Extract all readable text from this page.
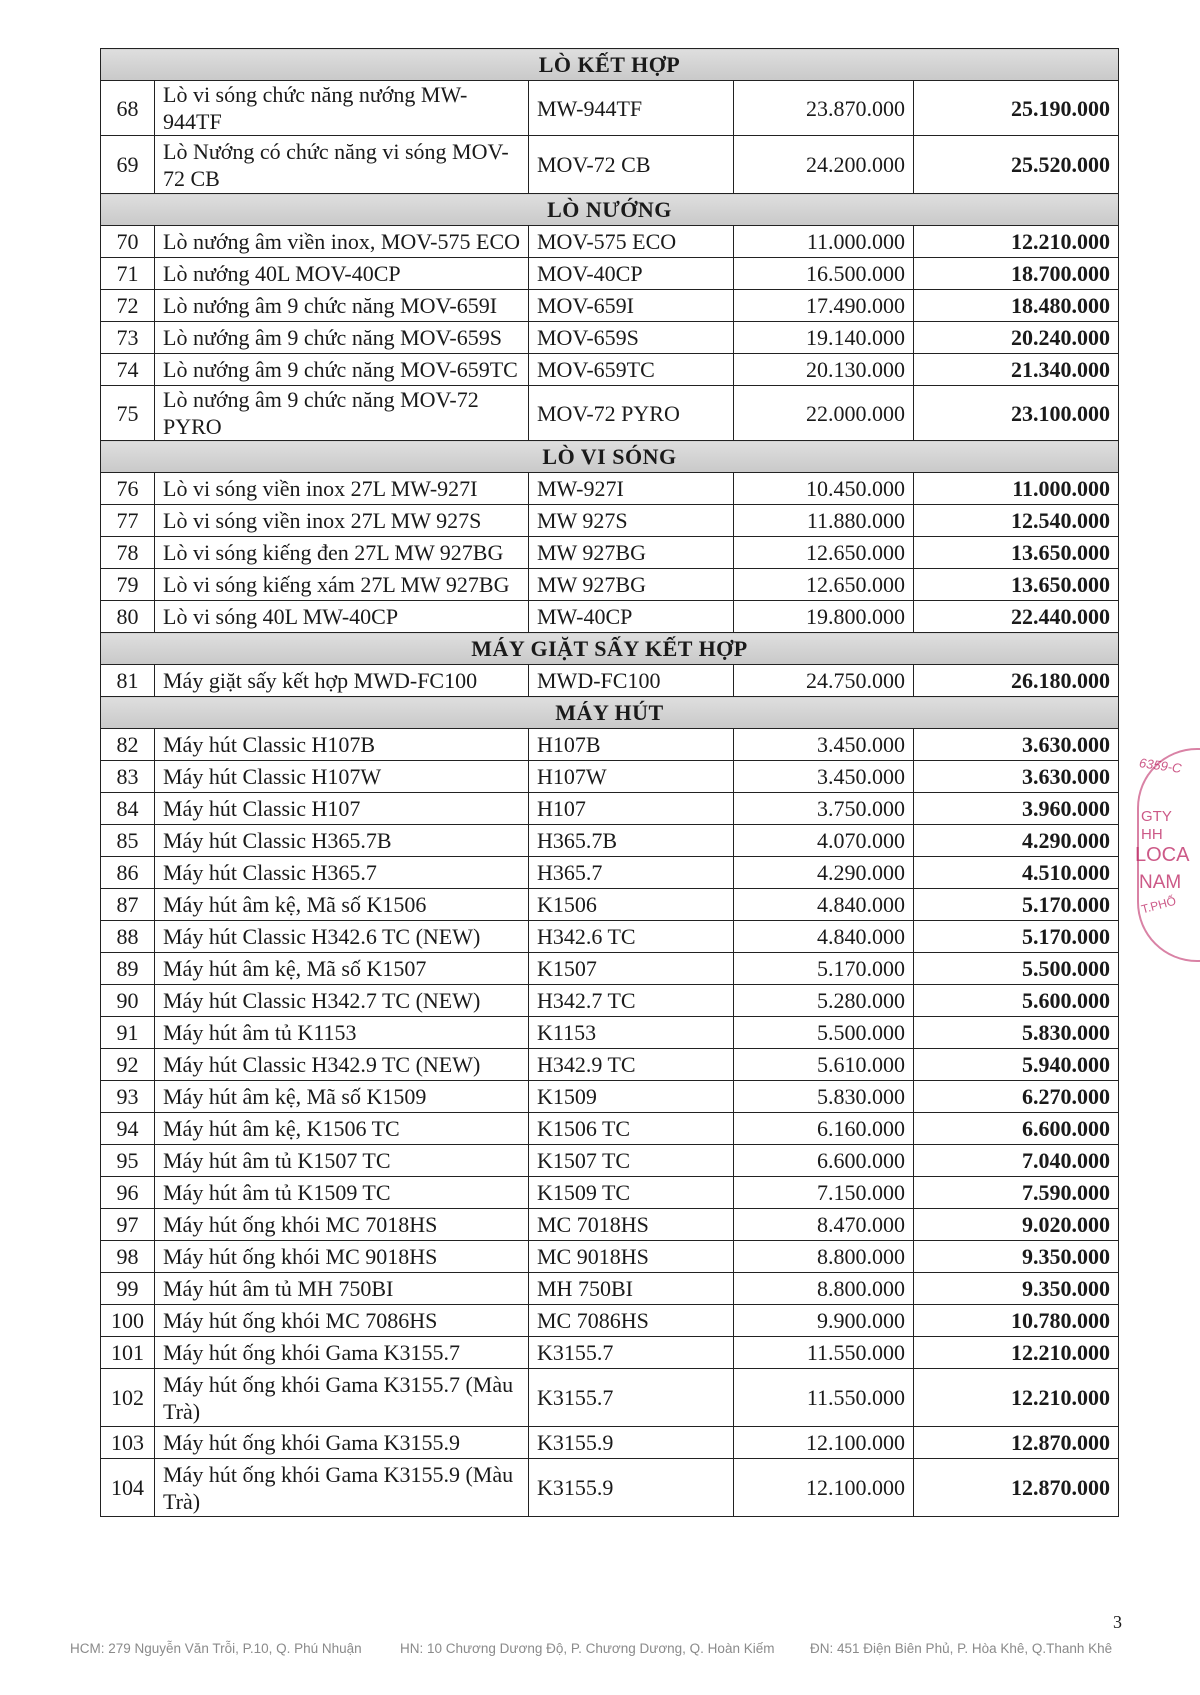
LÒ KẾT HỢP				
68	Lò vi sóng chức năng nướng MW-944TF	MW-944TF	23.870.000	25.190.000
69	Lò Nướng có chức năng vi sóng MOV-72 CB	MOV-72 CB	24.200.000	25.520.000
LÒ NƯỚNG				
70	Lò nướng âm viền inox, MOV-575 ECO	MOV-575 ECO	11.000.000	12.210.000
71	Lò nướng 40L MOV-40CP	MOV-40CP	16.500.000	18.700.000
72	Lò nướng âm 9 chức năng MOV-659I	MOV-659I	17.490.000	18.480.000
73	Lò nướng âm 9 chức năng MOV-659S	MOV-659S	19.140.000	20.240.000
74	Lò nướng âm 9 chức năng MOV-659TC	MOV-659TC	20.130.000	21.340.000
75	Lò nướng âm 9 chức năng MOV-72 PYRO	MOV-72 PYRO	22.000.000	23.100.000
LÒ VI SÓNG				
76	Lò vi sóng viền inox 27L MW-927I	MW-927I	10.450.000	11.000.000
77	Lò vi sóng viền inox 27L MW 927S	MW 927S	11.880.000	12.540.000
78	Lò vi sóng kiếng đen 27L MW 927BG	MW 927BG	12.650.000	13.650.000
79	Lò vi sóng kiếng xám 27L MW 927BG	MW 927BG	12.650.000	13.650.000
80	Lò vi sóng 40L MW-40CP	MW-40CP	19.800.000	22.440.000
MÁY GIẶT SẤY KẾT HỢP				
81	Máy giặt sấy kết hợp MWD-FC100	MWD-FC100	24.750.000	26.180.000
MÁY HÚT				
82	Máy hút Classic H107B	H107B	3.450.000	3.630.000
83	Máy hút Classic H107W	H107W	3.450.000	3.630.000
84	Máy hút Classic H107	H107	3.750.000	3.960.000
85	Máy hút Classic H365.7B	H365.7B	4.070.000	4.290.000
86	Máy hút Classic H365.7	H365.7	4.290.000	4.510.000
87	Máy hút âm kệ, Mã số K1506	K1506	4.840.000	5.170.000
88	Máy hút Classic H342.6 TC (NEW)	H342.6 TC	4.840.000	5.170.000
89	Máy hút âm kệ, Mã số K1507	K1507	5.170.000	5.500.000
90	Máy hút Classic H342.7 TC (NEW)	H342.7 TC	5.280.000	5.600.000
91	Máy hút âm tủ K1153	K1153	5.500.000	5.830.000
92	Máy hút Classic H342.9 TC (NEW)	H342.9 TC	5.610.000	5.940.000
93	Máy hút âm kệ, Mã số K1509	K1509	5.830.000	6.270.000
94	Máy hút âm kệ, K1506 TC	K1506 TC	6.160.000	6.600.000
95	Máy hút âm tủ K1507 TC	K1507 TC	6.600.000	7.040.000
96	Máy hút âm tủ K1509 TC	K1509 TC	7.150.000	7.590.000
97	Máy hút ống khói MC 7018HS	MC 7018HS	8.470.000	9.020.000
98	Máy hút ống khói MC 9018HS	MC 9018HS	8.800.000	9.350.000
99	Máy hút âm tủ MH 750BI	MH 750BI	8.800.000	9.350.000
100	Máy hút ống khói MC 7086HS	MC 7086HS	9.900.000	10.780.000
101	Máy hút ống khói Gama K3155.7	K3155.7	11.550.000	12.210.000
102	Máy hút ống khói Gama K3155.7 (Màu Trà)	K3155.7	11.550.000	12.210.000
103	Máy hút ống khói Gama K3155.9	K3155.9	12.100.000	12.870.000
104	Máy hút ống khói Gama K3155.9 (Màu Trà)	K3155.9	12.100.000	12.870.000
3
HCM: 279 Nguyễn Văn Trỗi, P.10, Q. Phú Nhuận	HN: 10 Chương Dương Độ, P. Chương Dương, Q. Hoàn Kiếm	ĐN: 451 Điện Biên Phủ, P. Hòa Khê, Q.Thanh Khê
6359-C
GTY
HH
LOCA
NAM
T.PHỐ
